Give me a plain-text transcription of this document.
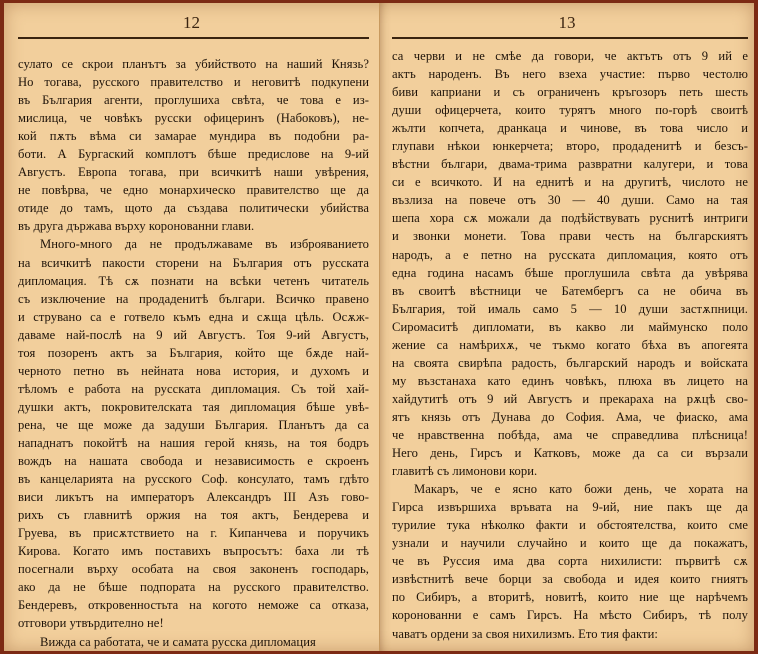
12
сулато се скрои планътъ за убийството на наший Князь?
Но тогава, русского правителство и неговитѣ подкупени
въ България агенти, проглушиха свѣта, че това е из-
мислица, че човѣкъ русски офицеринъ (Набоковъ), не-
кой пѫть вѣма си замарае мундира въ подобни ра-
боти. А Бургаский комплотъ бѣше предислове на 9-ий
Августъ. Европа тогава, при всичкитѣ наши увѣрения,
не повѣрва, че едно монархическо правителство ще да
отиде до тамъ, щото да създава политически убийства
въ друга държава върху коронованни глави.
Много-много да не продължаваме въ изброяванието
на всичкитѣ пакости сторени на България отъ русската
дипломация. Тѣ сѫ познати на всѣки четенъ читатель
съ изключение на продаденитѣ българи. Всичко правено
и струвано са е готвело къмъ една и сѫща цѣль. Осѫж-
даваме най-послѣ на 9 ий Августъ. Тоя 9-ий Августъ,
тоя позоренъ актъ за България, който ще бѫде най-
черното петно въ нейната нова история, и духомъ и
тѣломъ е работа на русската дипломация. Съ той хай-
душки актъ, покровителската тая дипломация бѣше увѣ-
рена, че ще може да задуши България. Планътъ да са
нападнатъ покойтѣ на нашия герой князь, на тоя бодръ
вождъ на нашата свобода и независимость е скроенъ
въ канцеларията на русского Соф. консулато, тамъ гдѣто
виси ликътъ на императоръ Александръ III Азъ гово-
рихъ съ главнитѣ оржия на тоя актъ, Бендерева и
Груева, въ присѫтствието на г. Кипанчева и поручикъ
Кирова. Когато имъ поставихъ въпросътъ: баха ли тѣ
посегнали върху особата на своя законенъ господарь,
ако да не бѣше подпората на русского правителство.
Бендеревъ, откровенностьта на когото неможе са отказа,
отговори утвърдително не!
Вижда са работата, че и самата русска дипломация
13
са черви и не смѣе да говори, че актътъ отъ 9 ий е
актъ народенъ. Въ него взеха участие: първо честолю
биви каприани и съ ограниченъ кръгозоръ петь шесть
души офицерчета, които турятъ много по-горѣ своитѣ
жълти копчета, дранкаца и чинове, въ това число и
глупави нѣкои юнкерчета; второ, продаденитѣ и безсъ-
вѣстни българи, двама-трима развратни калугери, и това
си е всичкото. И на еднитѣ и на другитѣ, числото не
възлиза на повече отъ 30 — 40 души. Само на тая
шепа хора сѫ можали да подѣйствувать руснитѣ интриги
и звонки монети. Това прави честь на българскиятъ
народъ, а е петно на русската дипломация, която отъ
една година насамъ бѣше проглушила свѣта да увѣрява
въ своитѣ вѣстници че Батембергъ са не обича въ
България, той ималь само 5 — 10 души застѫпници.
Сиромаситѣ дипломати, въ какво ли маймунско поло
жение са намѣрихѫ, че тъкмо когато бѣха въ апогеята
на своята свирѣпа радость, българский народъ и войската
му възстанаха като единъ човѣкъ, плюха въ лицето на
хайдутитѣ отъ 9 ий Августъ и прекараха на рѫцѣ сво-
ятъ князь отъ Дунава до София. Ама, че фиаско, ама
че нравственна побѣда, ама че справедлива плѣсница!
Него день, Гирсъ и Катковъ, може да са си вързали
главитѣ съ лимонови кори.
Макаръ, че е ясно като божи день, че хората на
Гирса извършиха връвата на 9-ий, ние пакъ ще да
турилие тука нѣколко факти и обстоятелства, които сме
узнали и научили случайно и които ще да покажатъ,
че въ Руссия има два сорта нихилисти: първитѣ сѫ
извѣстнитѣ вече борци за свобода и идея които гниятъ
по Сибиръ, а вторитѣ, новитѣ, които ние ще нарѣчемъ
коронованни е самъ Гирсъ. На мѣсто Сибиръ, тѣ полу
чаватъ ордени за своя нихилизмъ. Ето тия факти:
